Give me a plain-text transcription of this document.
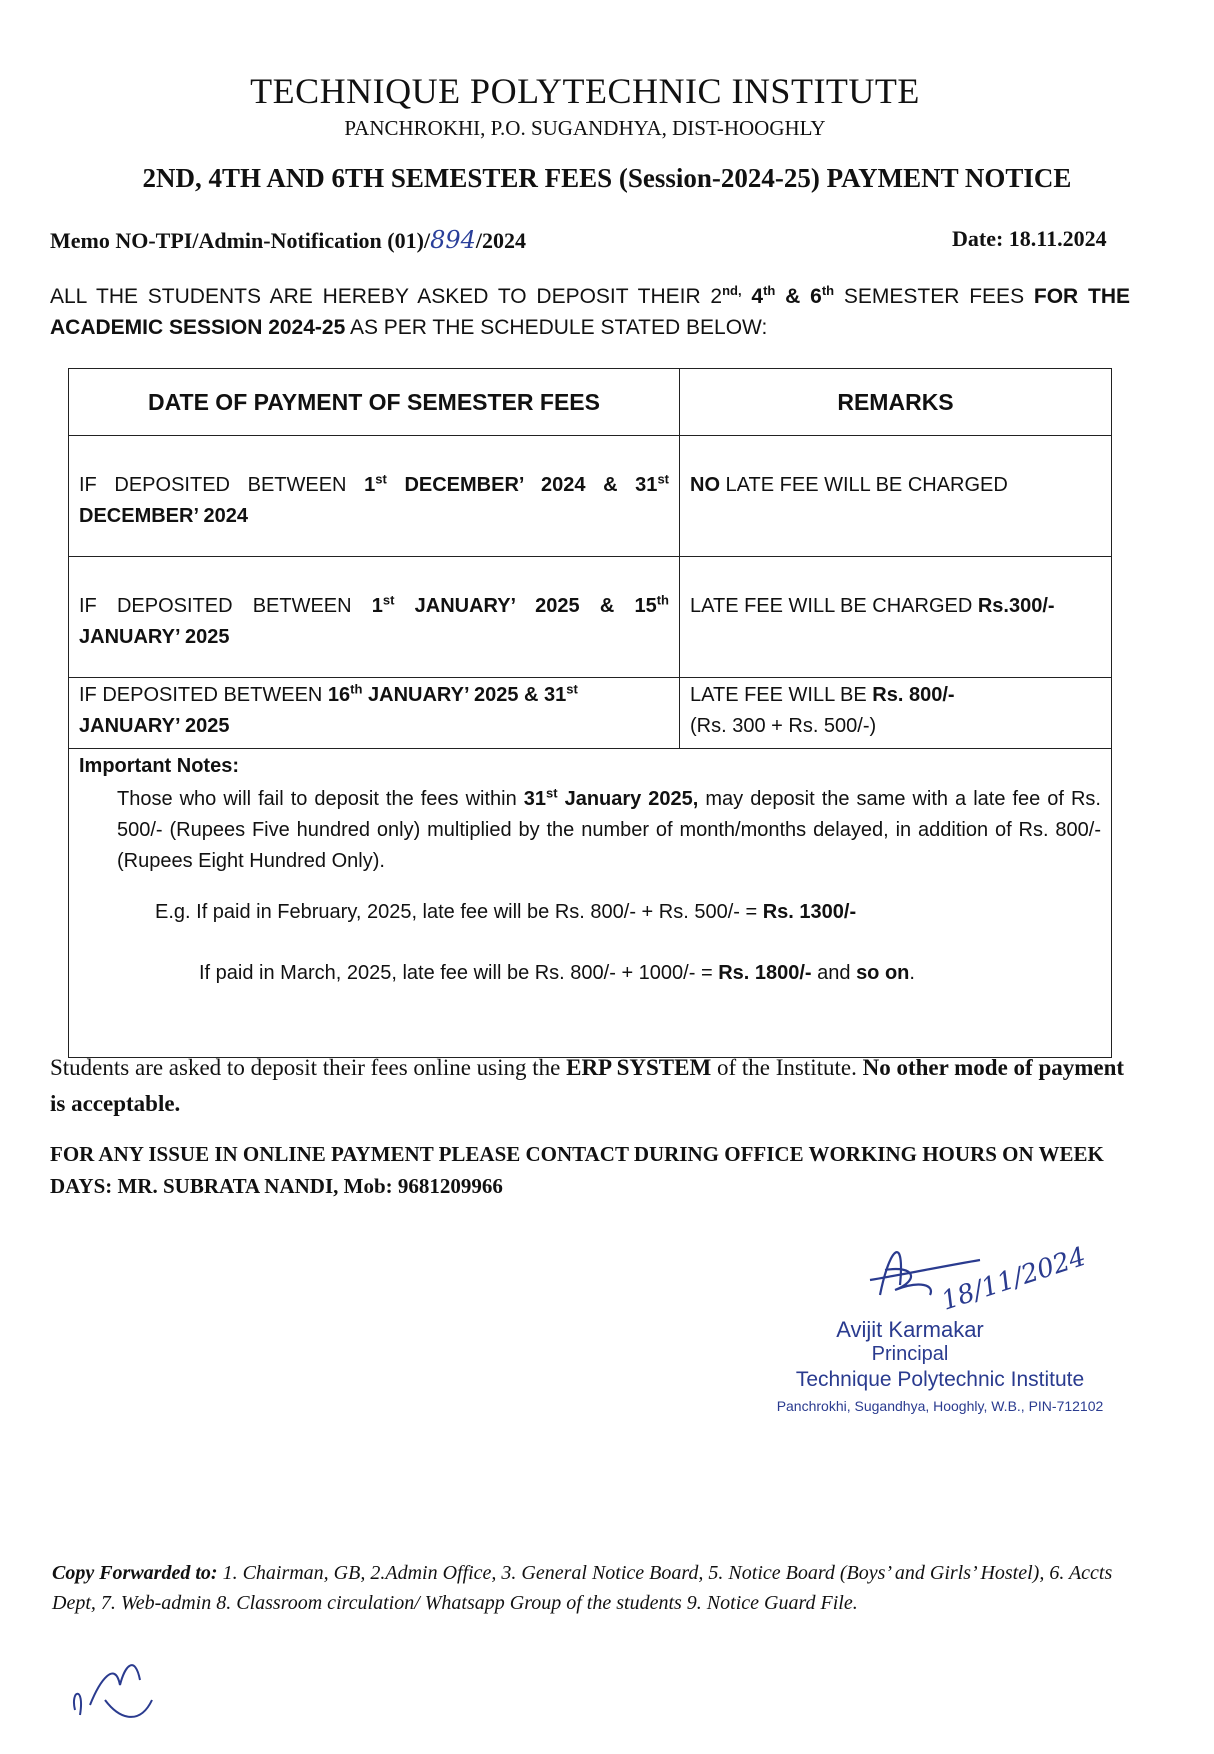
TECHNIQUE POLYTECHNIC INSTITUTE
PANCHROKHI, P.O. SUGANDHYA, DIST-HOOGHLY
2ND, 4TH AND 6TH SEMESTER FEES (Session-2024-25) PAYMENT NOTICE
Memo NO-TPI/Admin-Notification (01)/894/2024	Date: 18.11.2024
ALL THE STUDENTS ARE HEREBY ASKED TO DEPOSIT THEIR $2^{nd,}$ 4th & 6th SEMESTER FEES FOR THE ACADEMIC SESSION 2024-25 AS PER THE SCHEDULE STATED BELOW:
DATE OF PAYMENT OF SEMESTER FEES	REMARKS
IF DEPOSITED BETWEEN 1st DECEMBER’ 2024 & 31st DECEMBER’ 2024	NO LATE FEE WILL BE CHARGED
IF DEPOSITED BETWEEN 1st JANUARY’ 2025 & 15th JANUARY’ 2025	LATE FEE WILL BE CHARGED Rs.300/-
IF DEPOSITED BETWEEN 16th JANUARY’ 2025 & 31st
JANUARY’ 2025	LATE FEE WILL BE Rs. 800/-
(Rs. 300 + Rs. 500/-)

Important Notes:
Those who will fail to deposit the fees within 31st January 2025, may deposit the same with a late fee of Rs. 500/- (Rupees Five hundred only) multiplied by the number of month/months delayed, in addition of Rs. 800/-(Rupees Eight Hundred Only).
E.g. If paid in February, 2025, late fee will be Rs. 800/- + Rs. 500/- = Rs. 1300/-
If paid in March, 2025, late fee will be Rs. 800/- + 1000/- = Rs. 1800/- and so on.	
Students are asked to deposit their fees online using the ERP SYSTEM of the Institute. No other mode of payment is acceptable.
FOR ANY ISSUE IN ONLINE PAYMENT PLEASE CONTACT DURING OFFICE WORKING HOURS ON WEEK DAYS: MR. SUBRATA NANDI, Mob: 9681209966
18/11/2024
Avijit Karmakar
Principal
Technique Polytechnic Institute
Panchrokhi, Sugandhya, Hooghly, W.B., PIN-712102
Copy Forwarded to: 1. Chairman, GB, 2.Admin Office, 3. General Notice Board, 5. Notice Board (Boys’ and Girls’ Hostel), 6. Accts Dept, 7. Web-admin 8. Classroom circulation/ Whatsapp Group of the students 9. Notice Guard File.
